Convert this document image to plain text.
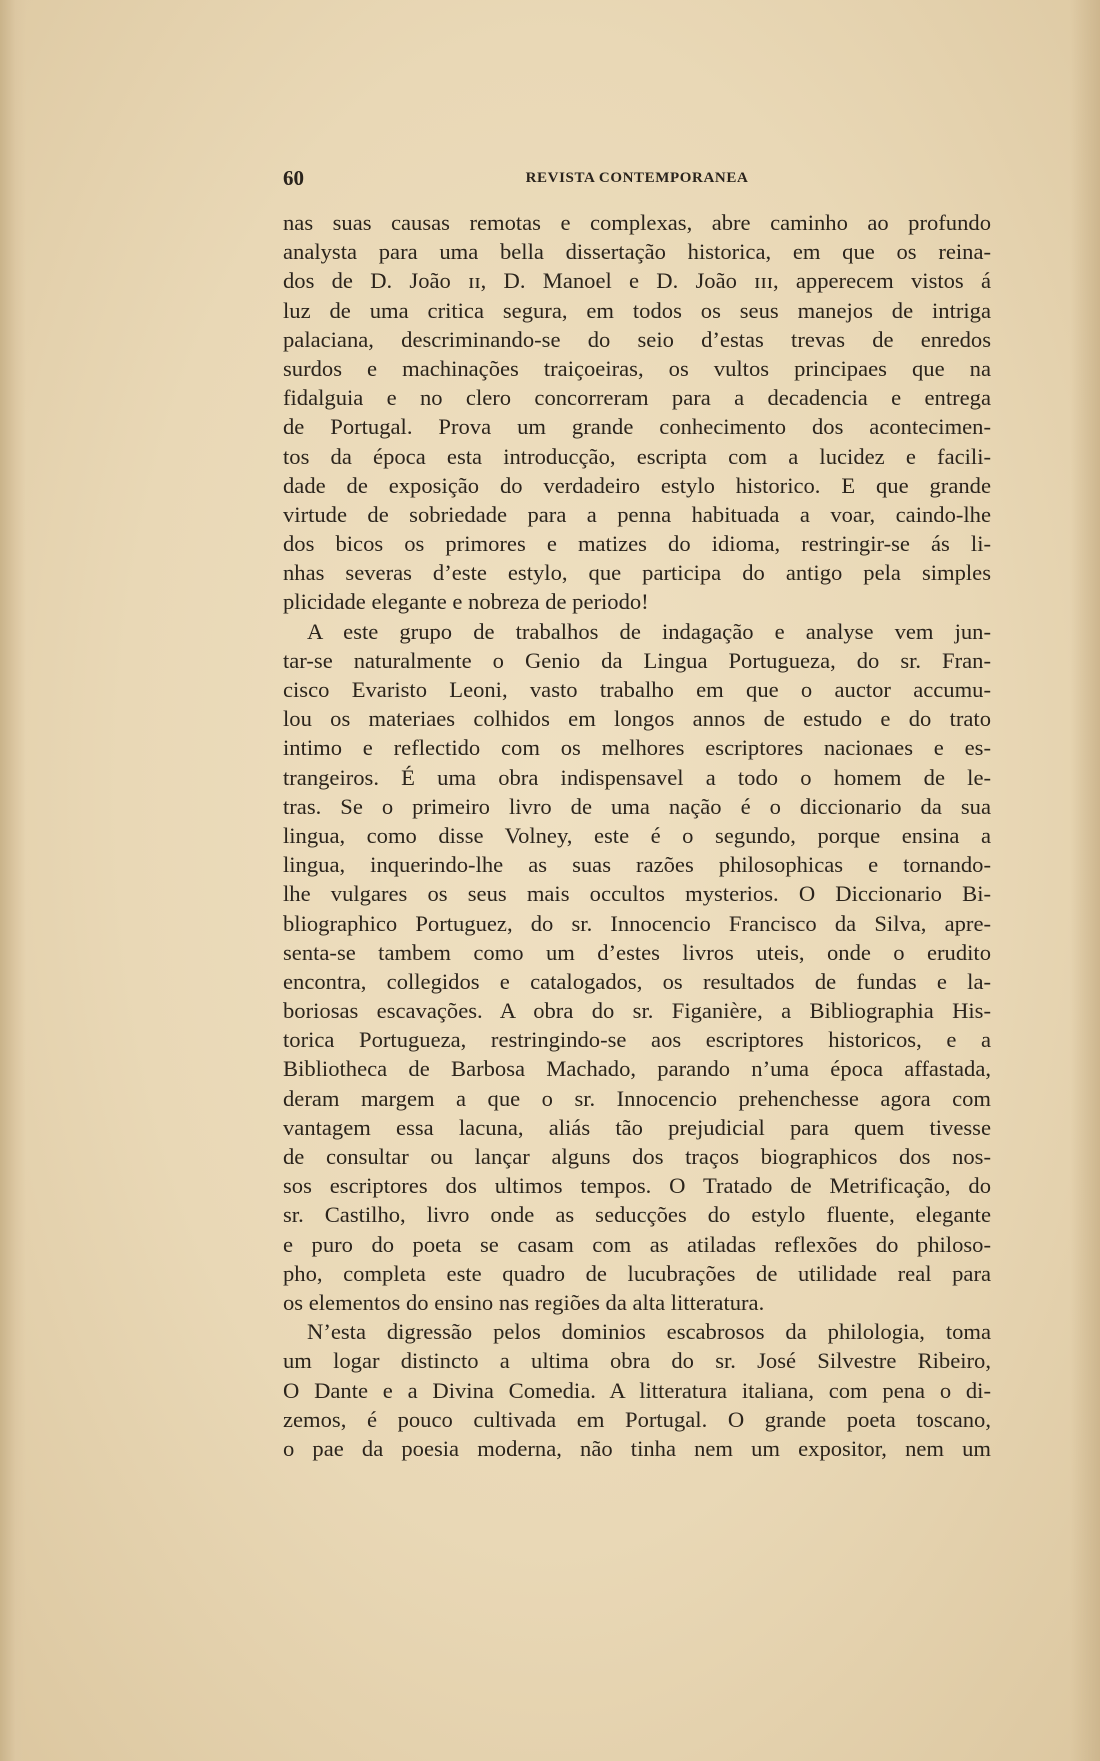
60	REVISTA CONTEMPORANEA
nas suas causas remotas e complexas, abre caminho ao profundo
analysta para uma bella dissertação historica, em que os reina-
dos de D. João ɪɪ, D. Manoel e D. João ɪɪɪ, apperecem vistos á
luz de uma critica segura, em todos os seus manejos de intriga
palaciana, descriminando-se do seio d’estas trevas de enredos
surdos e machinações traiçoeiras, os vultos principaes que na
fidalguia e no clero concorreram para a decadencia e entrega
de Portugal. Prova um grande conhecimento dos acontecimen-
tos da época esta introducção, escripta com a lucidez e facili-
dade de exposição do verdadeiro estylo historico. E que grande
virtude de sobriedade para a penna habituada a voar, caindo-lhe
dos bicos os primores e matizes do idioma, restringir-se ás li-
nhas severas d’este estylo, que participa do antigo pela simples
plicidade elegante e nobreza de periodo!
A este grupo de trabalhos de indagação e analyse vem jun-
tar-se naturalmente o Genio da Lingua Portugueza, do sr. Fran-
cisco Evaristo Leoni, vasto trabalho em que o auctor accumu-
lou os materiaes colhidos em longos annos de estudo e do trato
intimo e reflectido com os melhores escriptores nacionaes e es-
trangeiros. É uma obra indispensavel a todo o homem de le-
tras. Se o primeiro livro de uma nação é o diccionario da sua
lingua, como disse Volney, este é o segundo, porque ensina a
lingua, inquerindo-lhe as suas razões philosophicas e tornando-
lhe vulgares os seus mais occultos mysterios. O Diccionario Bi-
bliographico Portuguez, do sr. Innocencio Francisco da Silva, apre-
senta-se tambem como um d’estes livros uteis, onde o erudito
encontra, collegidos e catalogados, os resultados de fundas e la-
boriosas escavações. A obra do sr. Figanière, a Bibliographia His-
torica Portugueza, restringindo-se aos escriptores historicos, e a
Bibliotheca de Barbosa Machado, parando n’uma época affastada,
deram margem a que o sr. Innocencio prehenchesse agora com
vantagem essa lacuna, aliás tão prejudicial para quem tivesse
de consultar ou lançar alguns dos traços biographicos dos nos-
sos escriptores dos ultimos tempos. O Tratado de Metrificação, do
sr. Castilho, livro onde as seducções do estylo fluente, elegante
e puro do poeta se casam com as atiladas reflexões do philoso-
pho, completa este quadro de lucubrações de utilidade real para
os elementos do ensino nas regiões da alta litteratura.
N’esta digressão pelos dominios escabrosos da philologia, toma
um logar distincto a ultima obra do sr. José Silvestre Ribeiro,
O Dante e a Divina Comedia. A litteratura italiana, com pena o di-
zemos, é pouco cultivada em Portugal. O grande poeta toscano,
o pae da poesia moderna, não tinha nem um expositor, nem um
